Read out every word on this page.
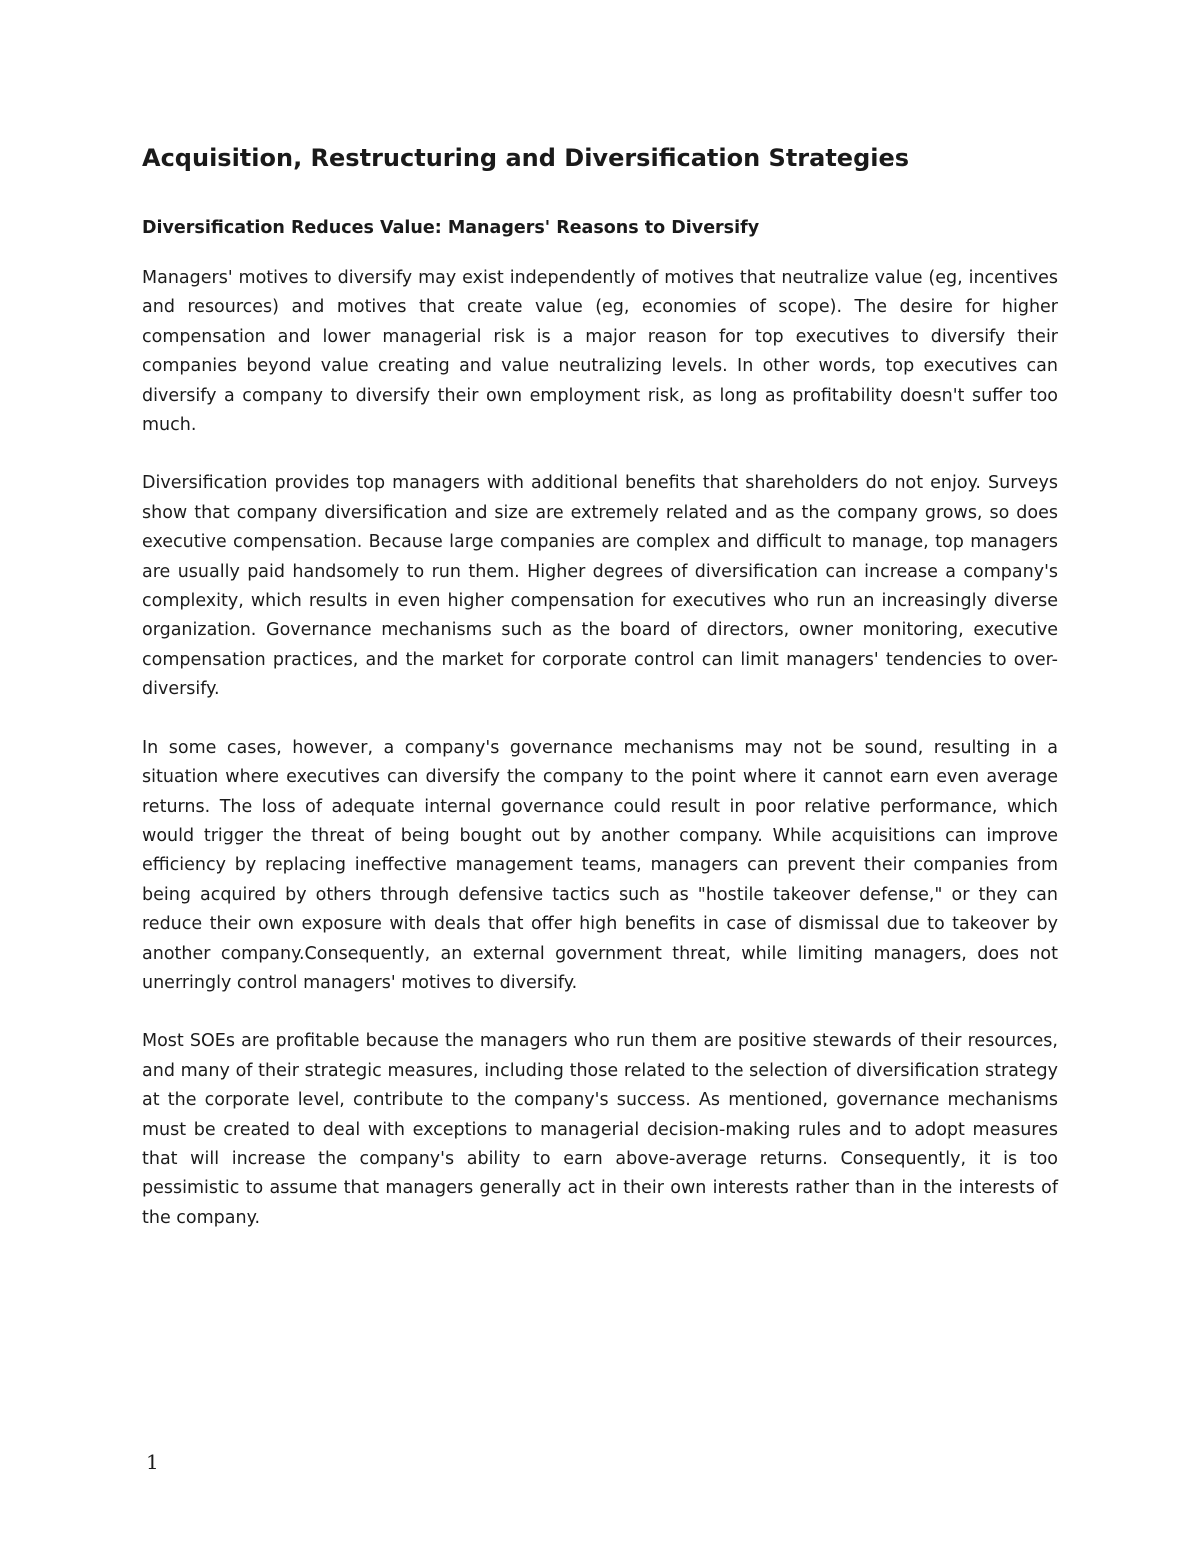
Acquisition, Restructuring and Diversification Strategies
Diversification Reduces Value: Managers' Reasons to Diversify

Managers' motives to diversify may exist independently of motives that neutralize value (eg, incentives and resources) and motives that create value (eg, economies of scope). The desire for higher compensation and lower managerial risk is a major reason for top executives to diversify their companies beyond value creating and value neutralizing levels. In other words, top executives can diversify a company to diversify their own employment risk, as long as profitability doesn't suffer too much.

Diversification provides top managers with additional benefits that shareholders do not enjoy. Surveys show that company diversification and size are extremely related and as the company grows, so does executive compensation. Because large companies are complex and difficult to manage, top managers are usually paid handsomely to run them. Higher degrees of diversification can increase a company's complexity, which results in even higher compensation for executives who run an increasingly diverse organization. Governance mechanisms such as the board of directors, owner monitoring, executive compensation practices, and the market for corporate control can limit managers' tendencies to over-diversify.

In some cases, however, a company's governance mechanisms may not be sound, resulting in a situation where executives can diversify the company to the point where it cannot earn even average returns. The loss of adequate internal governance could result in poor relative performance, which would trigger the threat of being bought out by another company. While acquisitions can improve efficiency by replacing ineffective management teams, managers can prevent their companies from being acquired by others through defensive tactics such as "hostile takeover defense," or they can reduce their own exposure with deals that offer high benefits in case of dismissal due to takeover by another company.Consequently, an external government threat, while limiting managers, does not unerringly control managers' motives to diversify.

Most SOEs are profitable because the managers who run them are positive stewards of their resources, and many of their strategic measures, including those related to the selection of diversification strategy at the corporate level, contribute to the company's success. As mentioned, governance mechanisms must be created to deal with exceptions to managerial decision-making rules and to adopt measures that will increase the company's ability to earn above-average returns. Consequently, it is too pessimistic to assume that managers generally act in their own interests rather than in the interests of the company.

1
